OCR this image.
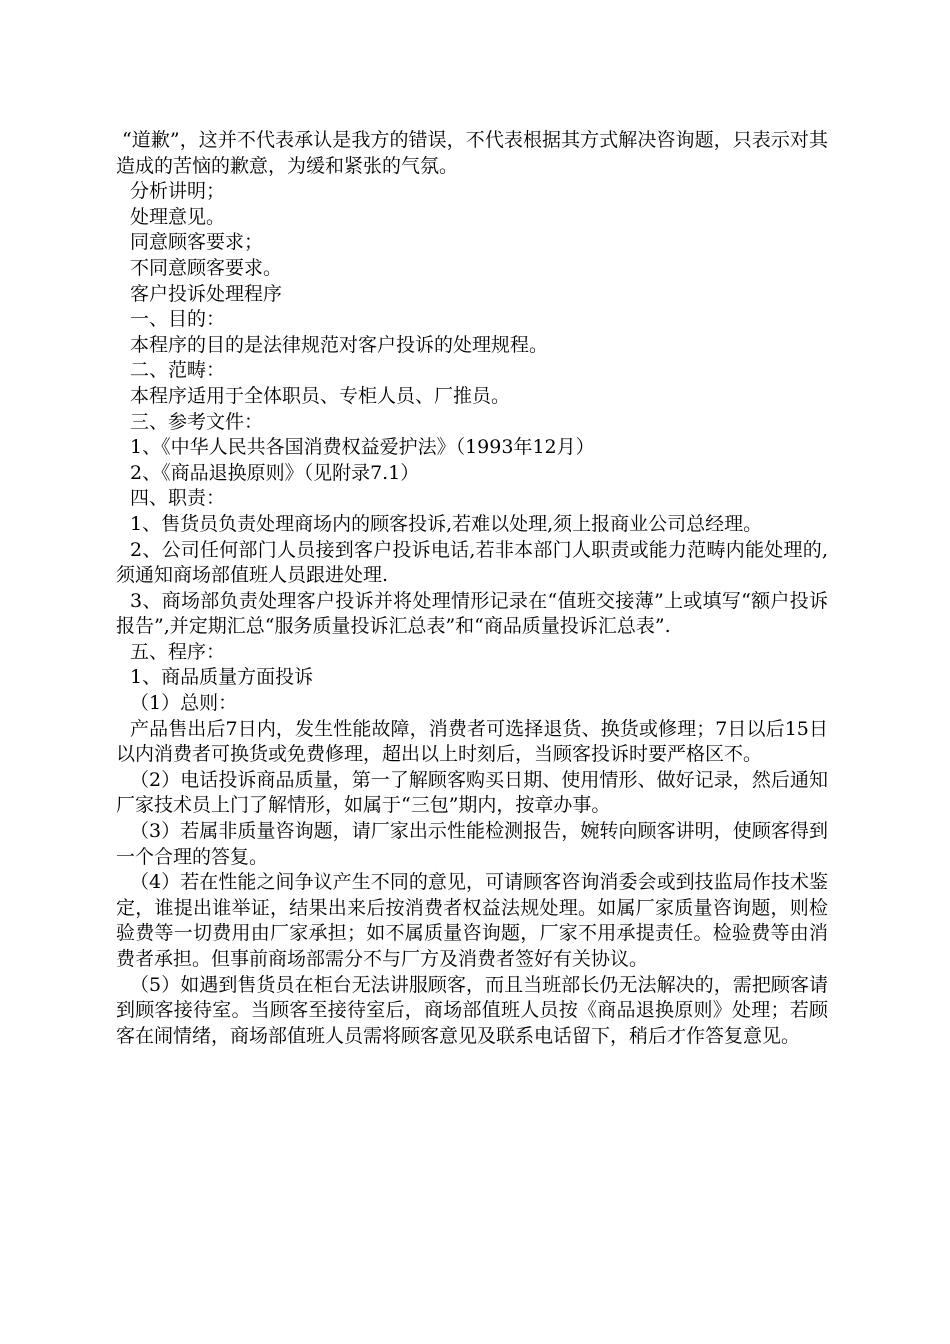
“道歉”，这并不代表承认是我方的错误，不代表根据其方式解决咨询题，只表示对其造成的苦恼的歉意，为缓和紧张的气氛。

分析讲明；

处理意见。

同意顾客要求；

不同意顾客要求。

客户投诉处理程序

一、目的：

本程序的目的是法律规范对客户投诉的处理规程。

二、范畴：

本程序适用于全体职员、专柜人员、厂推员。

三、参考文件：

1、《中华人民共各国消费权益爱护法》（1993年12月）

2、《商品退换原则》（见附录7.1）

四、职责：

1、售货员负责处理商场内的顾客投诉,若难以处理,须上报商业公司总经理。

2、公司任何部门人员接到客户投诉电话,若非本部门人职责或能力范畴内能处理的,须通知商场部值班人员跟进处理.

3、商场部负责处理客户投诉并将处理情形记录在“值班交接薄”上或填写“额户投诉报告”,并定期汇总“服务质量投诉汇总表”和“商品质量投诉汇总表”.

五、程序：

1、商品质量方面投诉

（1）总则：

产品售出后7日内，发生性能故障，消费者可选择退货、换货或修理；7日以后15日以内消费者可换货或免费修理，超出以上时刻后，当顾客投诉时要严格区不。

（2）电话投诉商品质量，第一了解顾客购买日期、使用情形、做好记录，然后通知厂家技术员上门了解情形，如属于“三包”期内，按章办事。

（3）若属非质量咨询题，请厂家出示性能检测报告，婉转向顾客讲明，使顾客得到一个合理的答复。

（4）若在性能之间争议产生不同的意见，可请顾客咨询消委会或到技监局作技术鉴定，谁提出谁举证，结果出来后按消费者权益法规处理。如属厂家质量咨询题，则检验费等一切费用由厂家承担；如不属质量咨询题，厂家不用承提责任。检验费等由消费者承担。但事前商场部需分不与厂方及消费者签好有关协议。

（5）如遇到售货员在柜台无法讲服顾客，而且当班部长仍无法解决的，需把顾客请到顾客接待室。当顾客至接待室后，商场部值班人员按《商品退换原则》处理；若顾客在闹情绪，商场部值班人员需将顾客意见及联系电话留下，稍后才作答复意见。
